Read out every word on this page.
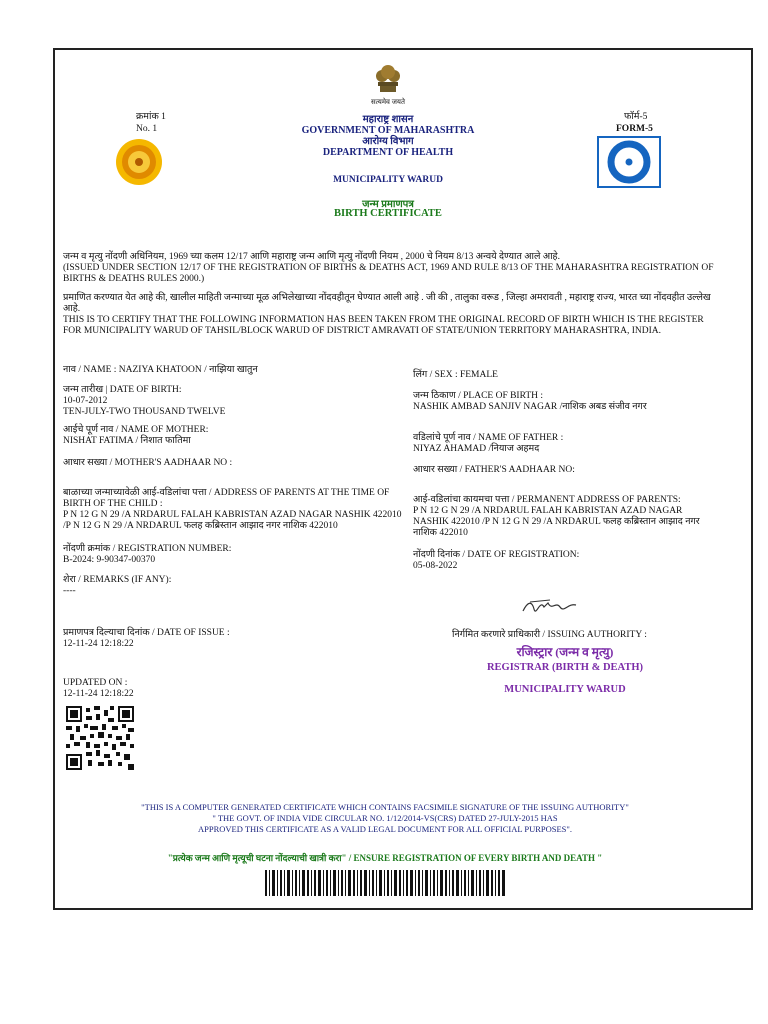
सत्यमेव जयते
क्रमांक 1
No. 1
फॉर्म-5
FORM-5
महाराष्ट्र शासन
GOVERNMENT OF MAHARASHTRA
आरोग्य विभाग
DEPARTMENT OF HEALTH
MUNICIPALITY WARUD
जन्म प्रमाणपत्र
BIRTH CERTIFICATE
जन्म व मृत्यु नोंदणी अधिनियम, 1969 च्या कलम 12/17 आणि महाराष्ट्र जन्म आणि मृत्यु नोंदणी नियम , 2000 चे नियम 8/13 अन्वये देण्यात आले आहे.
(ISSUED UNDER SECTION 12/17 OF THE REGISTRATION OF BIRTHS & DEATHS ACT, 1969 AND RULE 8/13 OF THE MAHARASHTRA REGISTRATION OF BIRTHS & DEATHS RULES 2000.)
प्रमाणित करण्यात येत आहे की, खालील माहिती जन्माच्या मूळ अभिलेखाच्या नोंदवहीतून घेण्यात आली आहे . जी की , तालुका वरूड , जिल्हा अमरावती , महाराष्ट्र राज्य, भारत च्या नोंदवहीत उल्लेख आहे.
THIS IS TO CERTIFY THAT THE FOLLOWING INFORMATION HAS BEEN TAKEN FROM THE ORIGINAL RECORD OF BIRTH WHICH IS THE REGISTER FOR MUNICIPALITY WARUD OF TAHSIL/BLOCK WARUD OF DISTRICT AMRAVATI OF STATE/UNION TERRITORY MAHARASHTRA, INDIA.
नाव / NAME : NAZIYA KHATOON / नाझिया खातुन
जन्म तारीख | DATE OF BIRTH:
10-07-2012
TEN-JULY-TWO THOUSAND TWELVE
आईचे पूर्ण नाव / NAME OF MOTHER:
NISHAT FATIMA / निशात फातिमा
आधार सख्या / MOTHER'S AADHAAR NO :
बाळाच्या जन्माच्यावेळी आई-वडिलांचा पत्ता / ADDRESS OF PARENTS AT THE TIME OF BIRTH OF THE CHILD :
P N 12 G N 29 /A NRDARUL FALAH KABRISTAN AZAD NAGAR NASHIK 422010 /P N 12 G N 29 /A NRDARUL फलह कब्रिस्तान आझाद नगर नाशिक 422010
नोंदणी क्रमांक / REGISTRATION NUMBER:
B-2024: 9-90347-00370
शेरा / REMARKS (IF ANY):
----
प्रमाणपत्र दिल्याचा दिनांक / DATE OF ISSUE :
12-11-24 12:18:22
UPDATED ON :
12-11-24 12:18:22
लिंग / SEX : FEMALE
जन्म ठिकाण / PLACE OF BIRTH :
NASHIK AMBAD SANJIV NAGAR /नाशिक अबड संजीव नगर
वडिलांचे पूर्ण नाव / NAME OF FATHER :
NIYAZ AHAMAD /नियाज अहमद
आधार सख्या / FATHER'S AADHAAR NO:
आई-वडिलांचा कायमचा पत्ता / PERMANENT ADDRESS OF PARENTS:
P N 12 G N 29 /A NRDARUL FALAH KABRISTAN AZAD NAGAR NASHIK 422010 /P N 12 G N 29 /A NRDARUL फलह कब्रिस्तान आझाद नगर नाशिक 422010
नोंदणी दिनांक / DATE OF REGISTRATION:
05-08-2022
निर्गमित करणारे प्राधिकारी / ISSUING AUTHORITY :
रजिस्ट्रार (जन्म व मृत्यु)
REGISTRAR (BIRTH & DEATH)
MUNICIPALITY WARUD
"THIS IS A COMPUTER GENERATED CERTIFICATE WHICH CONTAINS FACSIMILE SIGNATURE OF THE ISSUING AUTHORITY"
" THE GOVT. OF INDIA VIDE CIRCULAR NO. 1/12/2014-VS(CRS) DATED 27-JULY-2015 HAS
APPROVED THIS CERTIFICATE AS A VALID LEGAL DOCUMENT FOR ALL OFFICIAL PURPOSES".
"प्रत्येक जन्म आणि मृत्यूची घटना नोंदल्याची खात्री करा" / ENSURE REGISTRATION OF EVERY BIRTH AND DEATH "
